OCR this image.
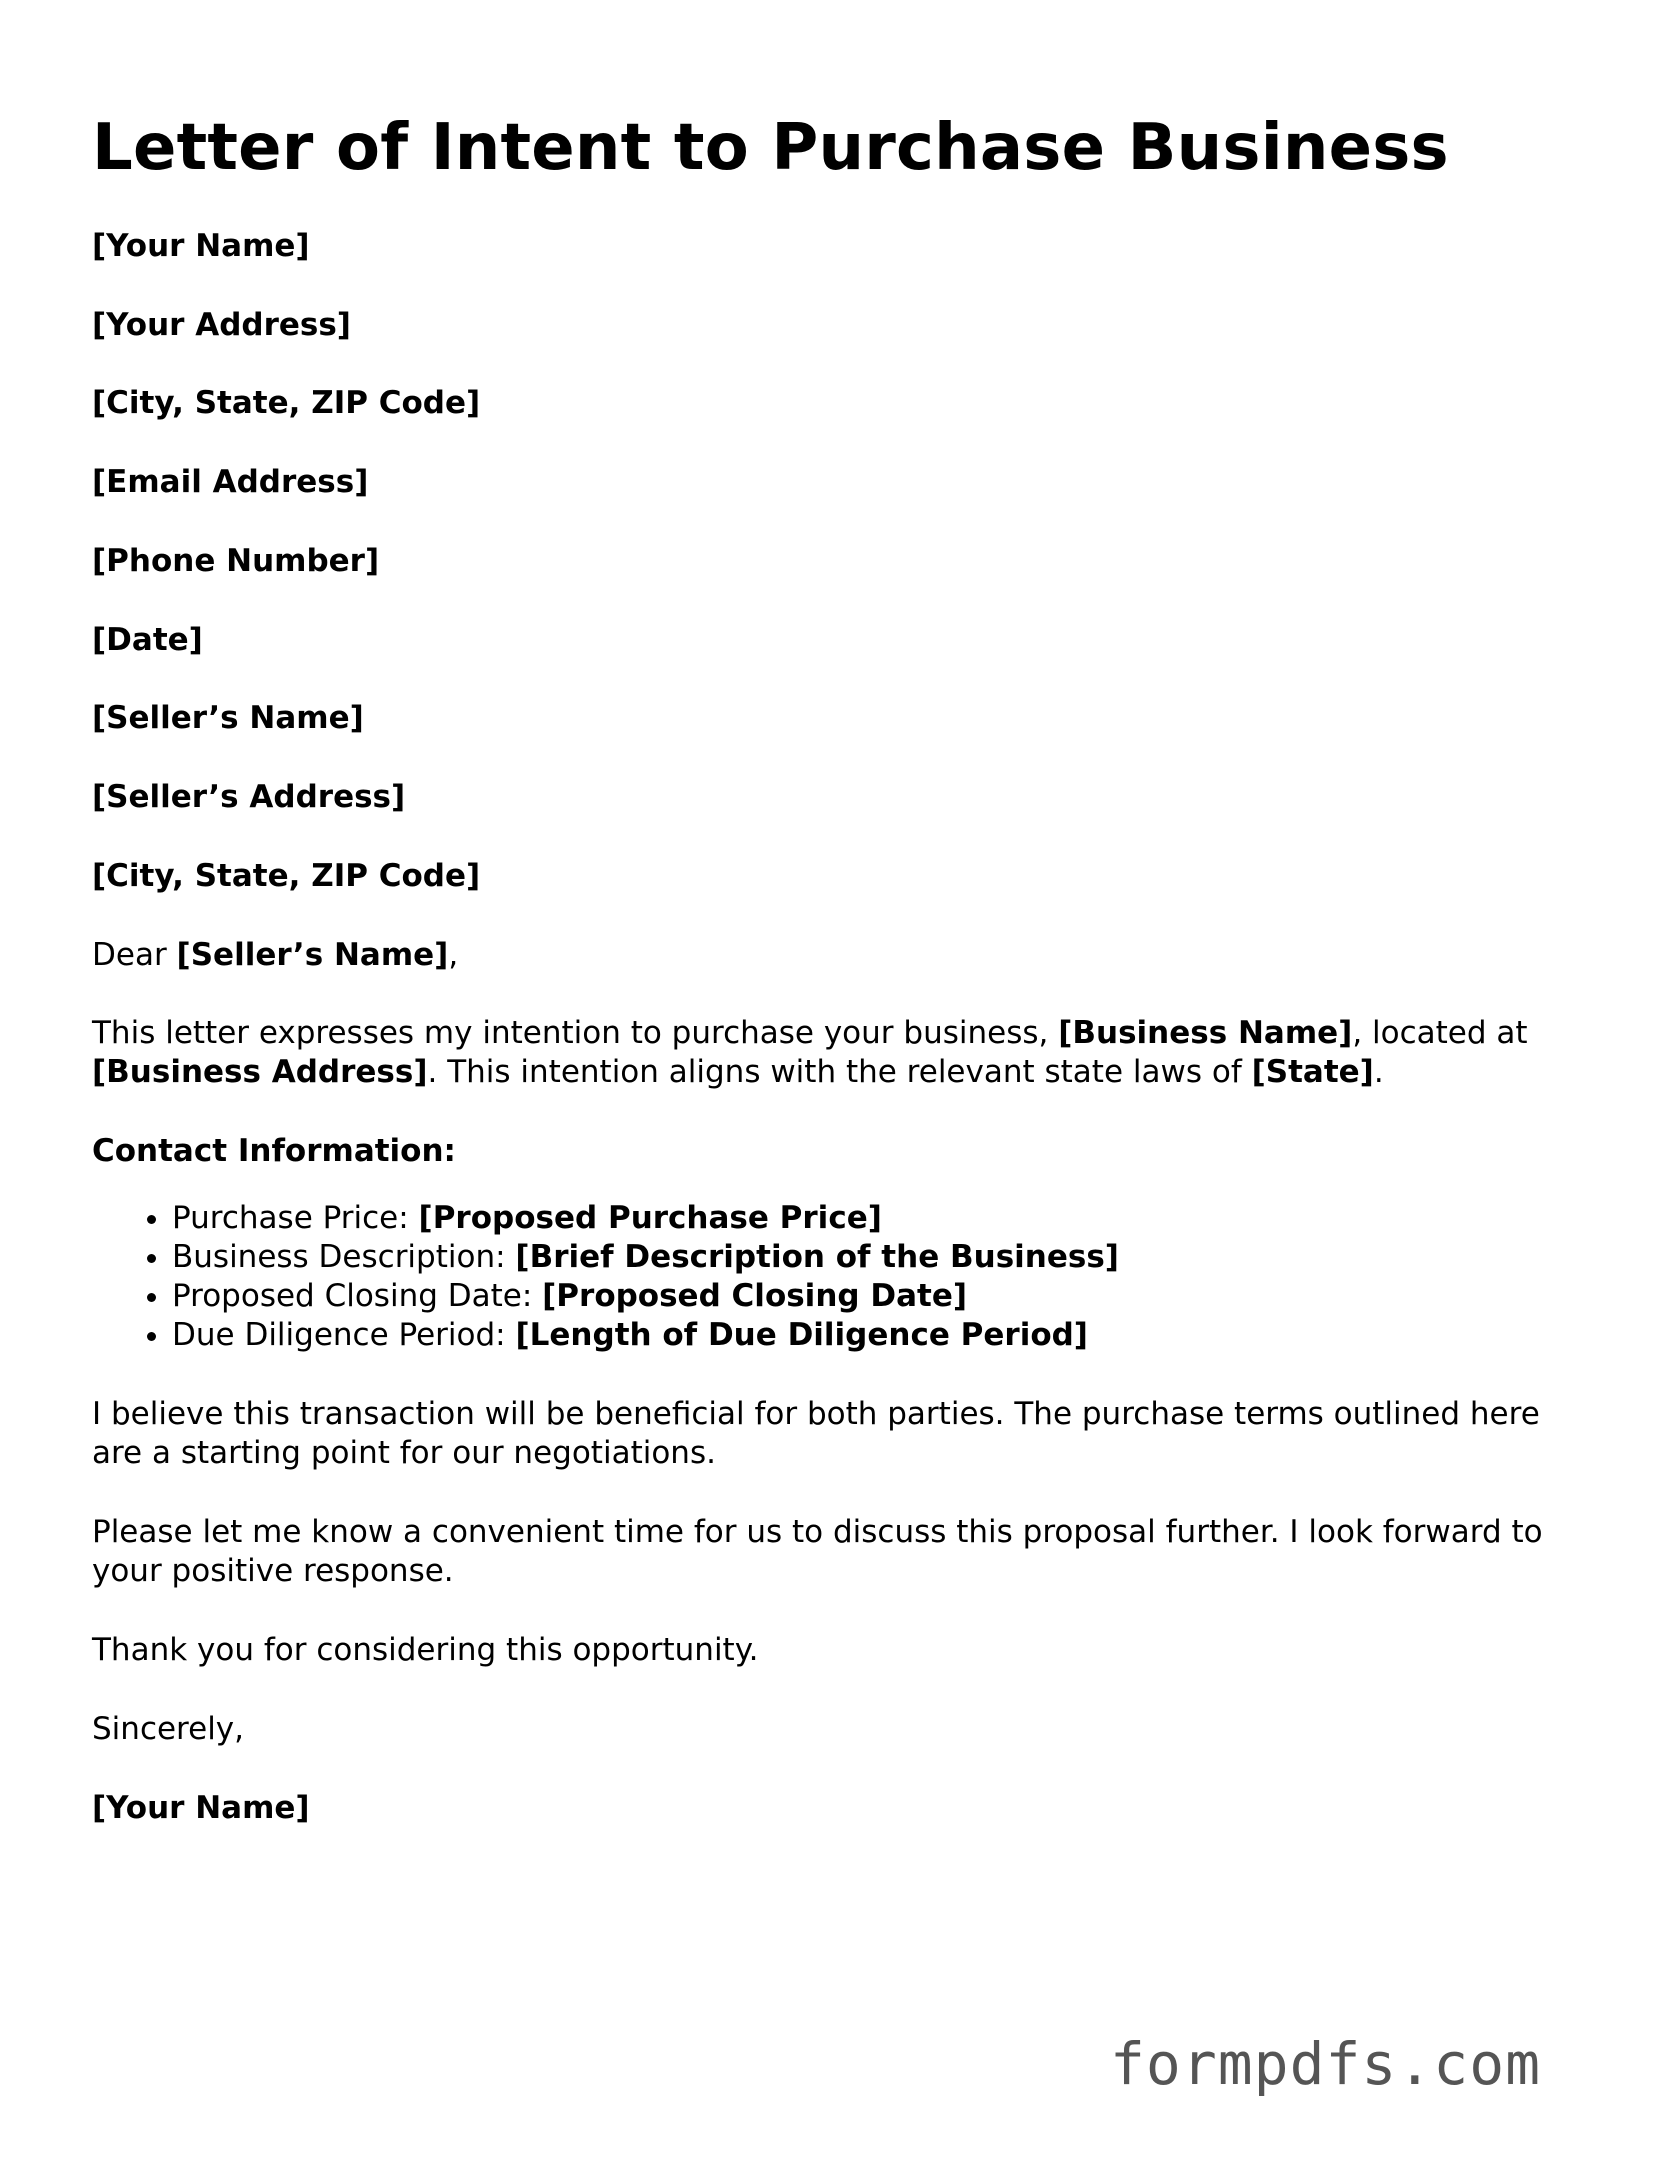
Letter of Intent to Purchase Business
[Your Name]
[Your Address]
[City, State, ZIP Code]
[Email Address]
[Phone Number]
[Date]
[Seller’s Name]
[Seller’s Address]
[City, State, ZIP Code]
Dear [Seller’s Name],
This letter expresses my intention to purchase your business, [Business Name], located at [Business Address]. This intention aligns with the relevant state laws of [State].
Contact Information:
• Purchase Price: [Proposed Purchase Price]
• Business Description: [Brief Description of the Business]
• Proposed Closing Date: [Proposed Closing Date]
• Due Diligence Period: [Length of Due Diligence Period]
I believe this transaction will be beneficial for both parties. The purchase terms outlined here are a starting point for our negotiations.
Please let me know a convenient time for us to discuss this proposal further. I look forward to your positive response.
Thank you for considering this opportunity.
Sincerely,
[Your Name]
formpdfs.com
